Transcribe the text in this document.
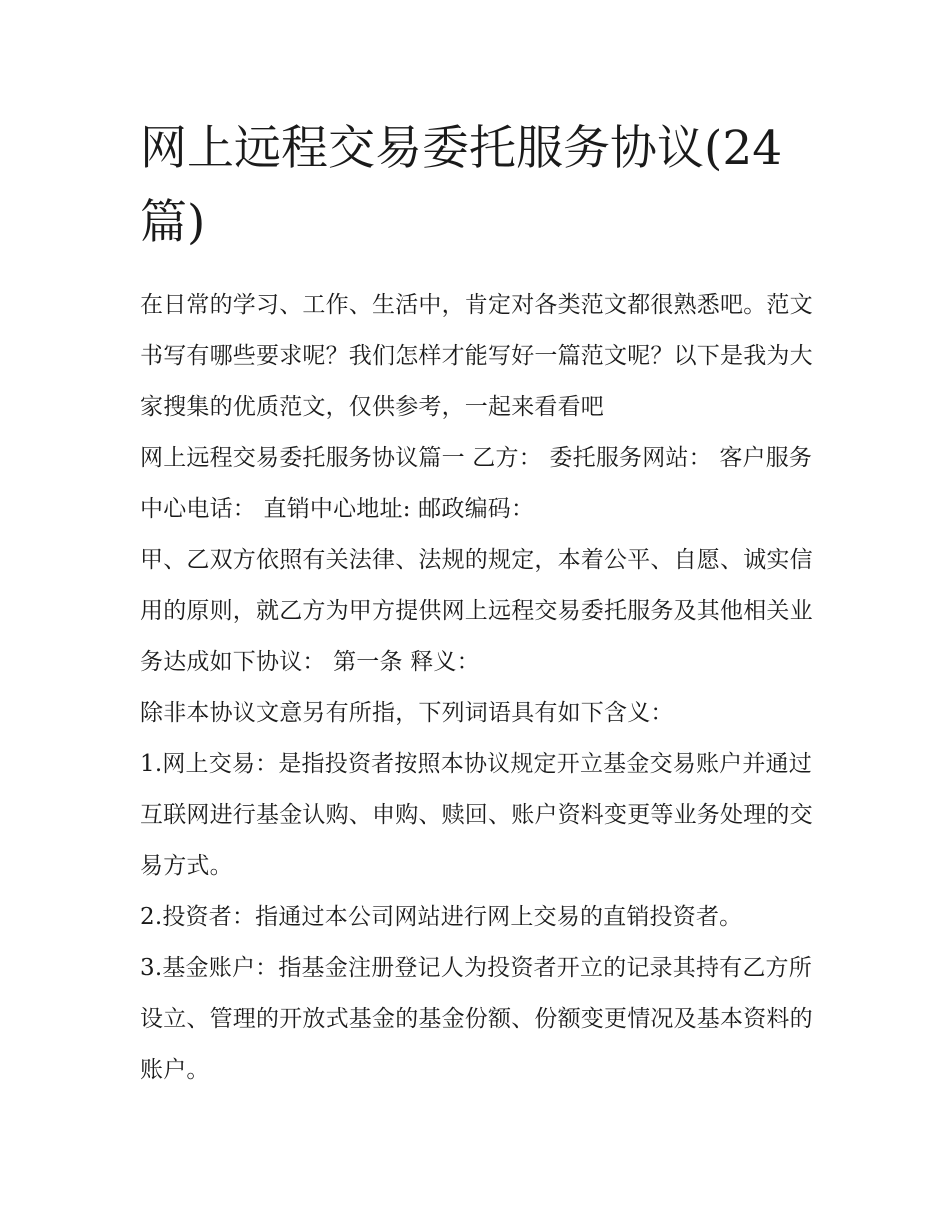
网上远程交易委托服务协议(24篇)

在日常的学习、工作、生活中，肯定对各类范文都很熟悉吧。范文书写有哪些要求呢？我们怎样才能写好一篇范文呢？以下是我为大家搜集的优质范文，仅供参考，一起来看看吧

网上远程交易委托服务协议篇一 乙方： 委托服务网站： 客户服务中心电话： 直销中心地址: 邮政编码：

甲、乙双方依照有关法律、法规的规定，本着公平、自愿、诚实信用的原则，就乙方为甲方提供网上远程交易委托服务及其他相关业务达成如下协议： 第一条 释义：

除非本协议文意另有所指，下列词语具有如下含义：

1.网上交易：是指投资者按照本协议规定开立基金交易账户并通过互联网进行基金认购、申购、赎回、账户资料变更等业务处理的交易方式。

2.投资者：指通过本公司网站进行网上交易的直销投资者。

3.基金账户：指基金注册登记人为投资者开立的记录其持有乙方所设立、管理的开放式基金的基金份额、份额变更情况及基本资料的账户。
